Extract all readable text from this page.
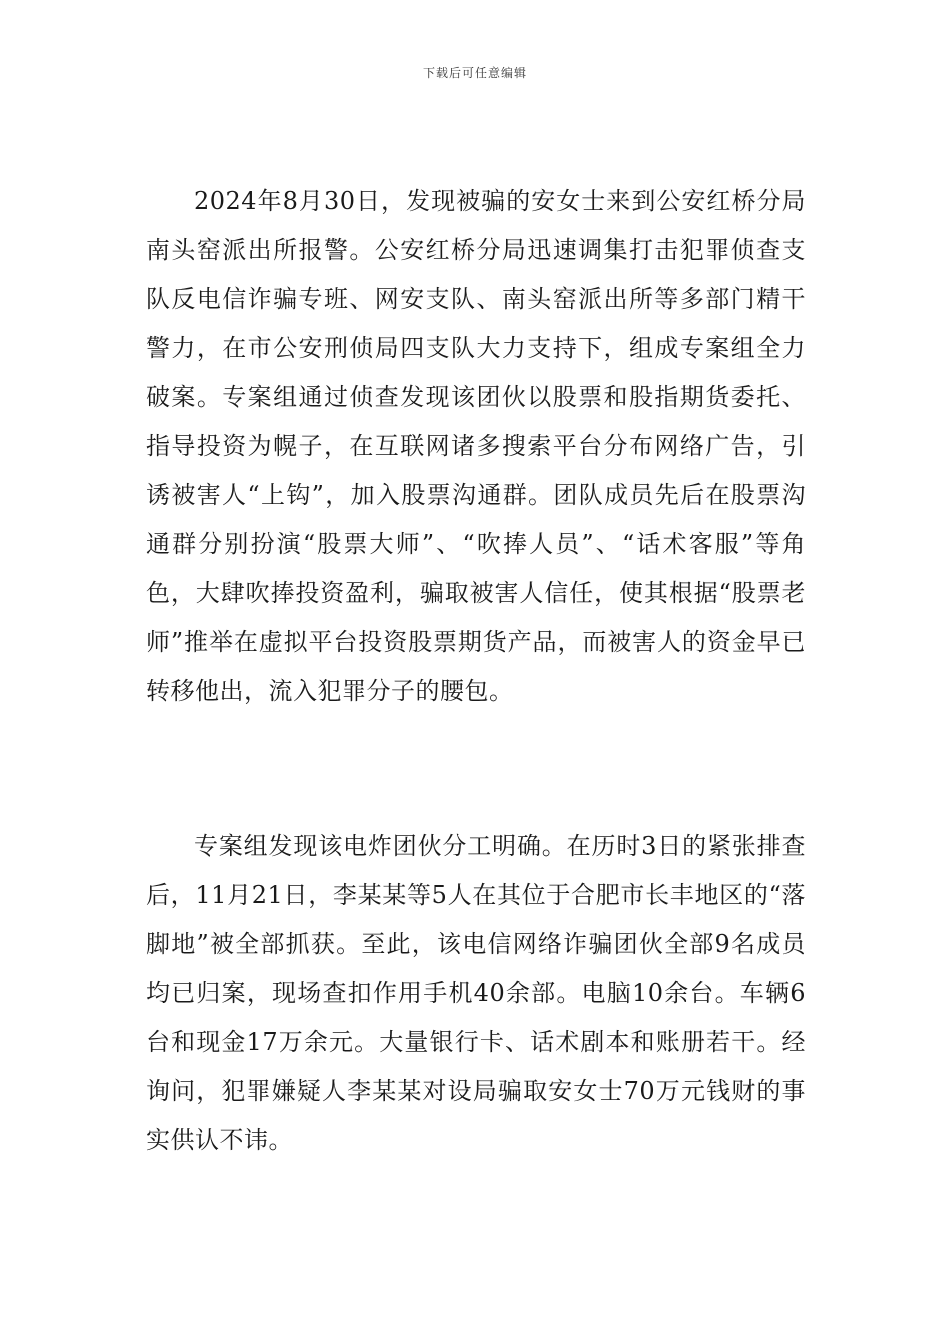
下载后可任意编辑

2024年8月30日，发现被骗的安女士来到公安红桥分局南头窑派出所报警。公安红桥分局迅速调集打击犯罪侦查支队反电信诈骗专班、网安支队、南头窑派出所等多部门精干警力，在市公安刑侦局四支队大力支持下，组成专案组全力破案。专案组通过侦查发现该团伙以股票和股指期货委托、指导投资为幌子，在互联网诸多搜索平台分布网络广告，引诱被害人“上钩”，加入股票沟通群。团队成员先后在股票沟通群分别扮演“股票大师”、“吹捧人员”、“话术客服”等角色，大肆吹捧投资盈利，骗取被害人信任，使其根据“股票老师”推举在虚拟平台投资股票期货产品，而被害人的资金早已转移他出，流入犯罪分子的腰包。

专案组发现该电炸团伙分工明确。在历时3日的紧张排查后，11月21日，李某某等5人在其位于合肥市长丰地区的“落脚地”被全部抓获。至此，该电信网络诈骗团伙全部9名成员均已归案，现场查扣作用手机40余部。电脑10余台。车辆6台和现金17万余元。大量银行卡、话术剧本和账册若干。经询问，犯罪嫌疑人李某某对设局骗取安女士70万元钱财的事实供认不讳。
